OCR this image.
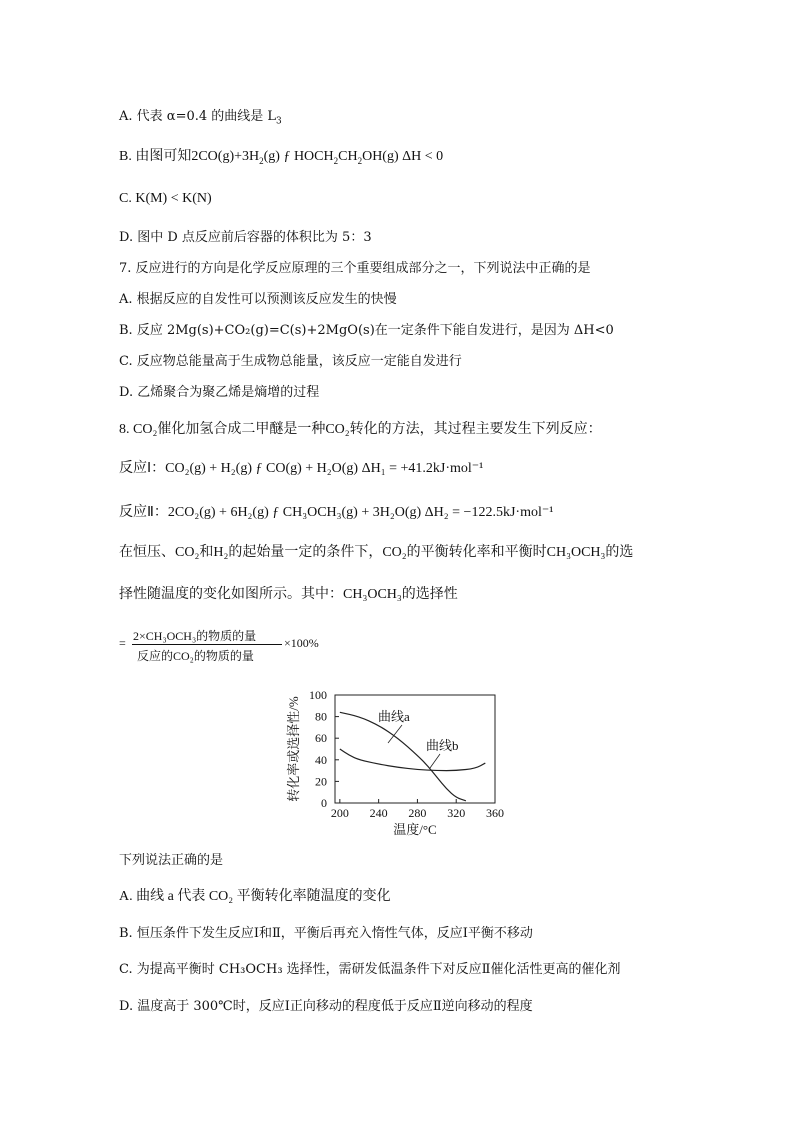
A. 代表 α=0.4 的曲线是 $L_3$
B. 由图可知$2CO(g)+3H_2(g)$ ƒ $HOCH_2CH_2OH(g) \Delta H < 0$
C. K(M) < K(N)
D. 图中 D 点反应前后容器的体积比为 5：3
7. 反应进行的方向是化学反应原理的三个重要组成部分之一，下列说法中正确的是
A. 根据反应的自发性可以预测该反应发生的快慢
B. 反应 2Mg(s)+CO₂(g)=C(s)+2MgO(s)在一定条件下能自发进行，是因为 ΔH<0
C. 反应物总能量高于生成物总能量，该反应一定能自发进行
D. 乙烯聚合为聚乙烯是熵增的过程
8. CO₂催化加氢合成二甲醚是一种CO₂转化的方法，其过程主要发生下列反应：
反应Ⅰ：CO₂(g) + H₂(g) ƒ CO(g) + H₂O(g) ΔH₁ = +41.2kJ·mol⁻¹
反应Ⅱ：2CO₂(g) + 6H₂(g) ƒ CH₃OCH₃(g) + 3H₂O(g) ΔH₂ = −122.5kJ·mol⁻¹
在恒压、CO₂和H₂的起始量一定的条件下，CO₂的平衡转化率和平衡时CH₃OCH₃的选
择性随温度的变化如图所示。其中：CH₃OCH₃的选择性
= 2×CH₃OCH₃的物质的量
反应的CO₂的物质的量
×100%
200 240 280 320 360
0
20
40
60
80
100
曲线a
曲线b
温度/°C
转化率或选择性/%
下列说法正确的是
A. 曲线 a 代表 CO₂ 平衡转化率随温度的变化
B. 恒压条件下发生反应Ⅰ和Ⅱ，平衡后再充入惰性气体，反应Ⅰ平衡不移动
C. 为提高平衡时 CH₃OCH₃ 选择性，需研发低温条件下对反应Ⅱ催化活性更高的催化剂
D. 温度高于 300℃时，反应Ⅰ正向移动的程度低于反应Ⅱ逆向移动的程度
